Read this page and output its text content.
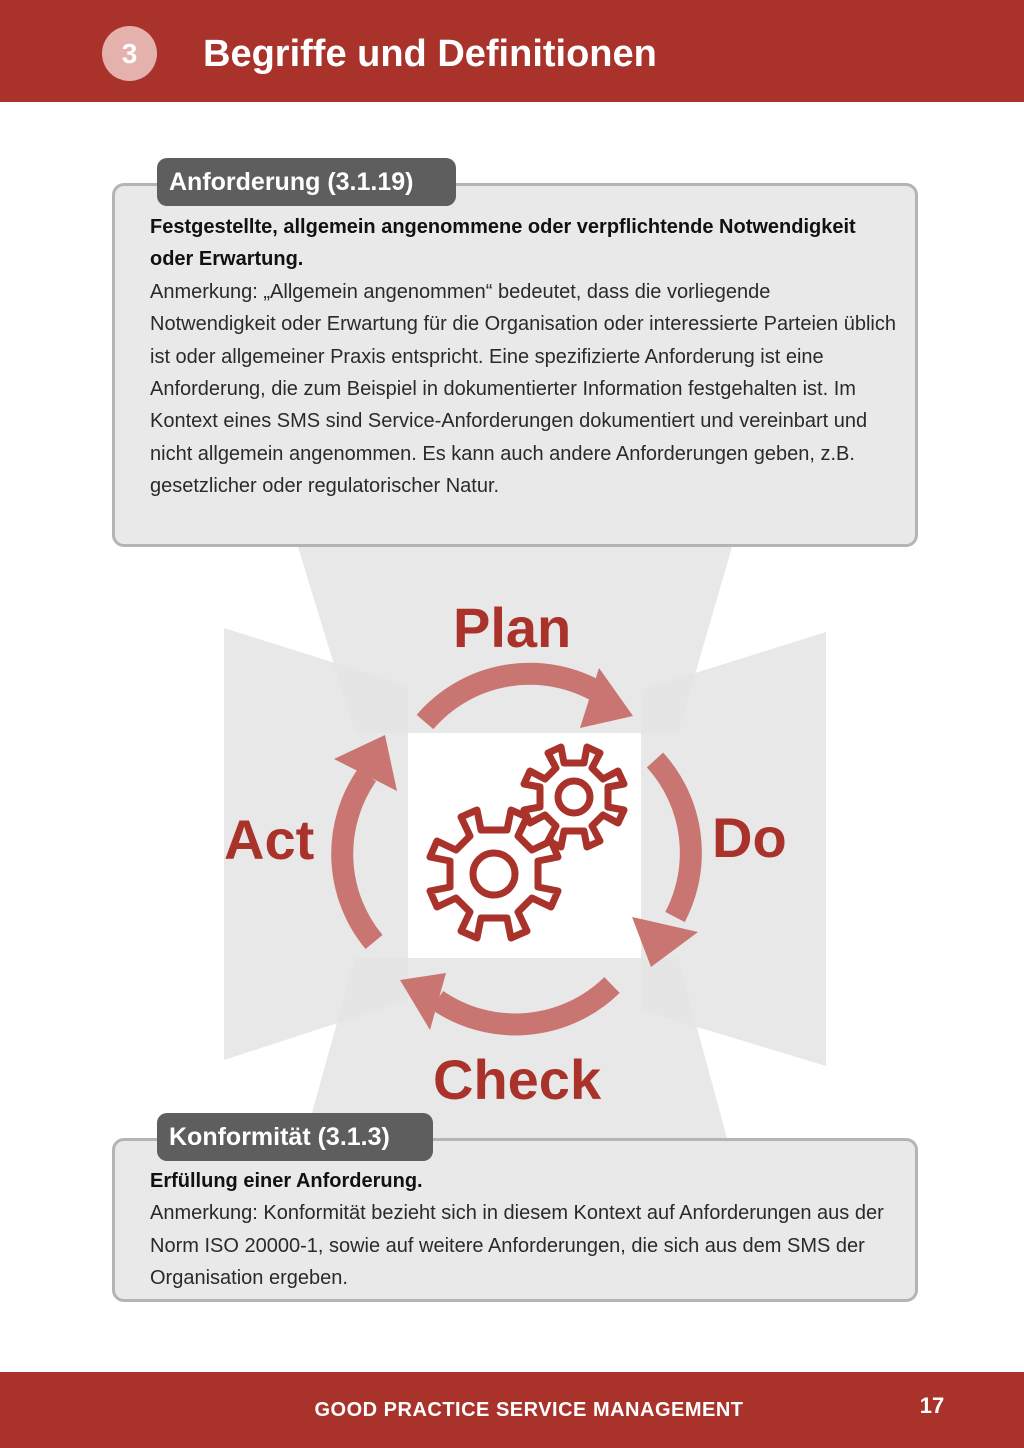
3	Begriffe und Definitionen
Plan
Do
Check
Act
Festgestellte, allgemein angenommene oder verpflichtende Notwendigkeit oder Erwartung.
Anmerkung: „Allgemein angenommen“ bedeutet, dass die vorliegende Notwendigkeit oder Erwartung für die Organisation oder interessierte Parteien üblich ist oder allgemeiner Praxis entspricht. Eine spezifizierte Anforderung ist eine Anforderung, die zum Beispiel in dokumentierter Information festgehalten ist. Im Kontext eines SMS sind Service-Anforderungen dokumentiert und vereinbart und nicht allgemein angenommen. Es kann auch andere Anforderungen geben, z.B. gesetzlicher oder regulatorischer Natur.
Anforderung (3.1.19)
Erfüllung einer Anforderung.
Anmerkung: Konformität bezieht sich in diesem Kontext auf Anforderungen aus der Norm ISO 20000-1, sowie auf weitere Anforderungen, die sich aus dem SMS der Organisation ergeben.
Konformität (3.1.3)
GOOD PRACTICE SERVICE MANAGEMENT	17
